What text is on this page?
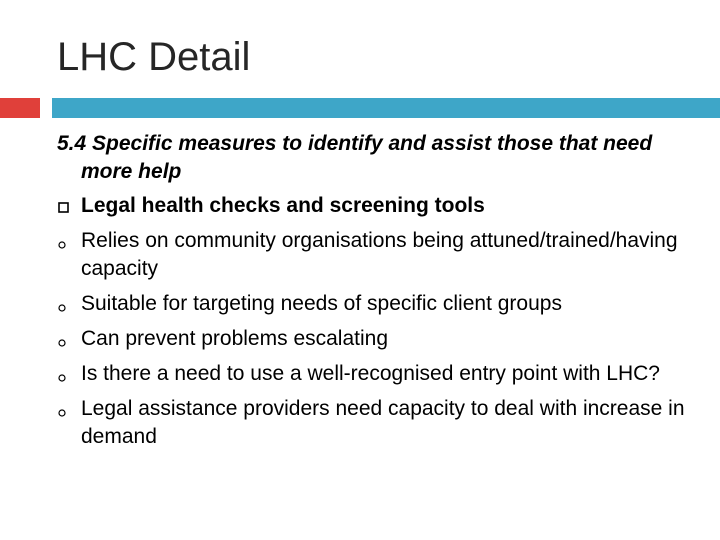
LHC Detail
5.4 Specific measures to identify and assist those that need more help
Legal health checks and screening tools
Relies on community organisations being attuned/trained/having capacity
Suitable for targeting needs of specific client groups
Can prevent problems escalating
Is there a need to use a well-recognised entry point with LHC?
Legal assistance providers need capacity to deal with increase in demand
